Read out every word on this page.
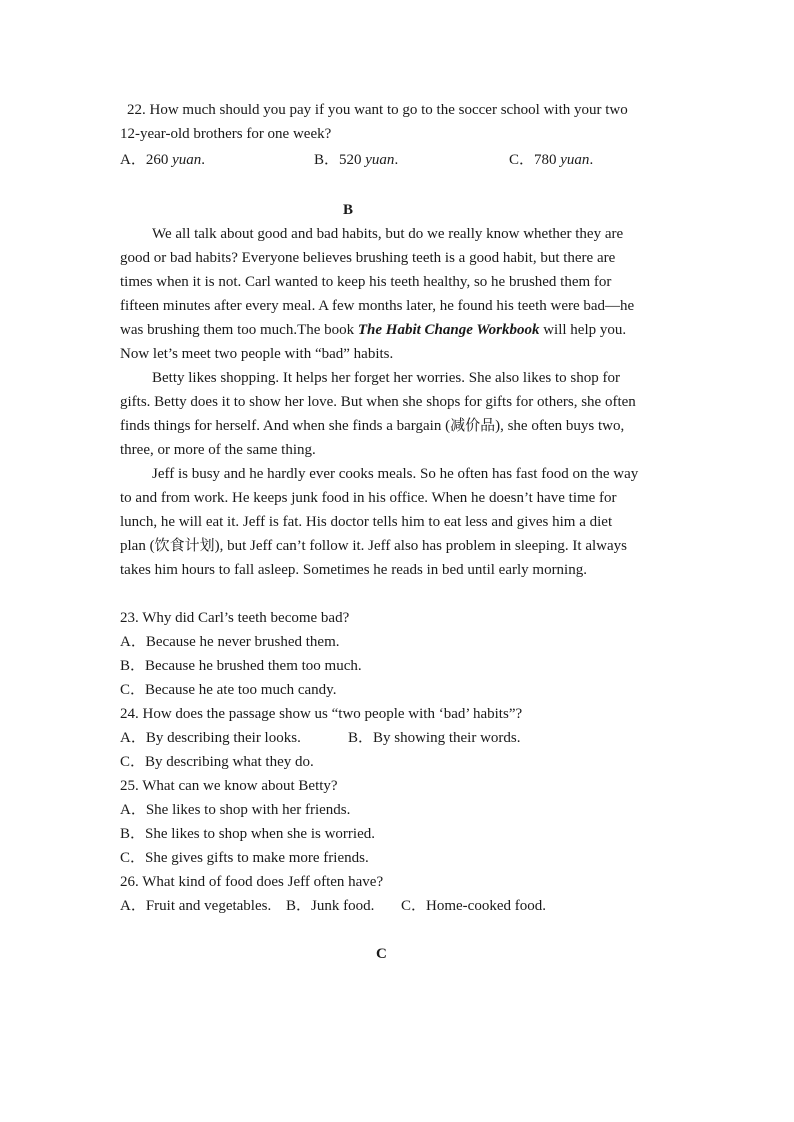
22. How much should you pay if you want to go to the soccer school with your two
12-year-old brothers for one week?
A．260 yuan.	B．520 yuan.	C．780 yuan.
B
We all talk about good and bad habits, but do we really know whether they are
good or bad habits? Everyone believes brushing teeth is a good habit, but there are
times when it is not. Carl wanted to keep his teeth healthy, so he brushed them for
fifteen minutes after every meal. A few months later, he found his teeth were bad—he
was brushing them too much.The book The Habit Change Workbook will help you.
Now let’s meet two people with “bad” habits.
Betty likes shopping. It helps her forget her worries. She also likes to shop for
gifts. Betty does it to show her love. But when she shops for gifts for others, she often
finds things for herself. And when she finds a bargain (减价品), she often buys two,
three, or more of the same thing.
Jeff is busy and he hardly ever cooks meals. So he often has fast food on the way
to and from work. He keeps junk food in his office. When he doesn’t have time for
lunch, he will eat it. Jeff is fat. His doctor tells him to eat less and gives him a diet
plan (饮食计划), but Jeff can’t follow it. Jeff also has problem in sleeping. It always
takes him hours to fall asleep. Sometimes he reads in bed until early morning.
23. Why did Carl’s teeth become bad?
A．Because he never brushed them.
B．Because he brushed them too much.
C．Because he ate too much candy.
24. How does the passage show us “two people with ‘bad’ habits”?
A．By describing their looks.	B．By showing their words.
C．By describing what they do.
25. What can we know about Betty?
A．She likes to shop with her friends.
B．She likes to shop when she is worried.
C．She gives gifts to make more friends.
26. What kind of food does Jeff often have?
A．Fruit and vegetables. B．Junk food. C．Home-cooked food.
C
